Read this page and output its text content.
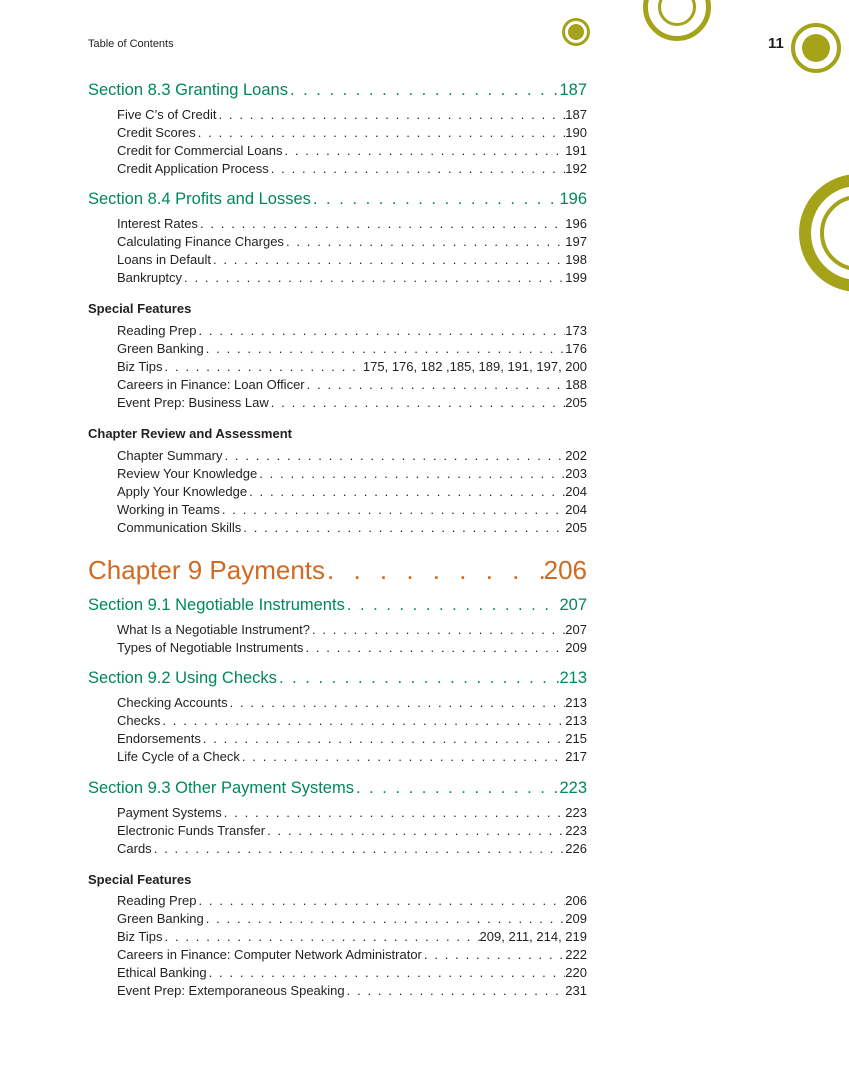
Table of Contents	11
Section 8.3 Granting Loans . . .	187
Five C’s of Credit . . .	187
Credit Scores . . .	190
Credit for Commercial Loans . . .	191
Credit Application Process . . .	192
Section 8.4 Profits and Losses . . .	196
Interest Rates . . .	196
Calculating Finance Charges . . .	197
Loans in Default . . .	198
Bankruptcy . . .	199
Special Features
Reading Prep . . .	173
Green Banking . . .	176
Biz Tips . . .	175, 176, 182 ,185, 189, 191, 197, 200
Careers in Finance: Loan Officer . . .	188
Event Prep: Business Law . . .	205
Chapter Review and Assessment
Chapter Summary . . .	202
Review Your Knowledge . . .	203
Apply Your Knowledge . . .	204
Working in Teams . . .	204
Communication Skills . . .	205
Chapter 9 Payments . . .	206
Section 9.1 Negotiable Instruments . . .	207
What Is a Negotiable Instrument? . . .	207
Types of Negotiable Instruments . . .	209
Section 9.2 Using Checks . . .	213
Checking Accounts . . .	213
Checks . . .	213
Endorsements . . .	215
Life Cycle of a Check . . .	217
Section 9.3 Other Payment Systems . . .	223
Payment Systems . . .	223
Electronic Funds Transfer . . .	223
Cards . . .	226
Special Features
Reading Prep . . .	206
Green Banking . . .	209
Biz Tips . . .	209, 211, 214, 219
Careers in Finance: Computer Network Administrator . . .	222
Ethical Banking . . .	220
Event Prep: Extemporaneous Speaking . . .	231
